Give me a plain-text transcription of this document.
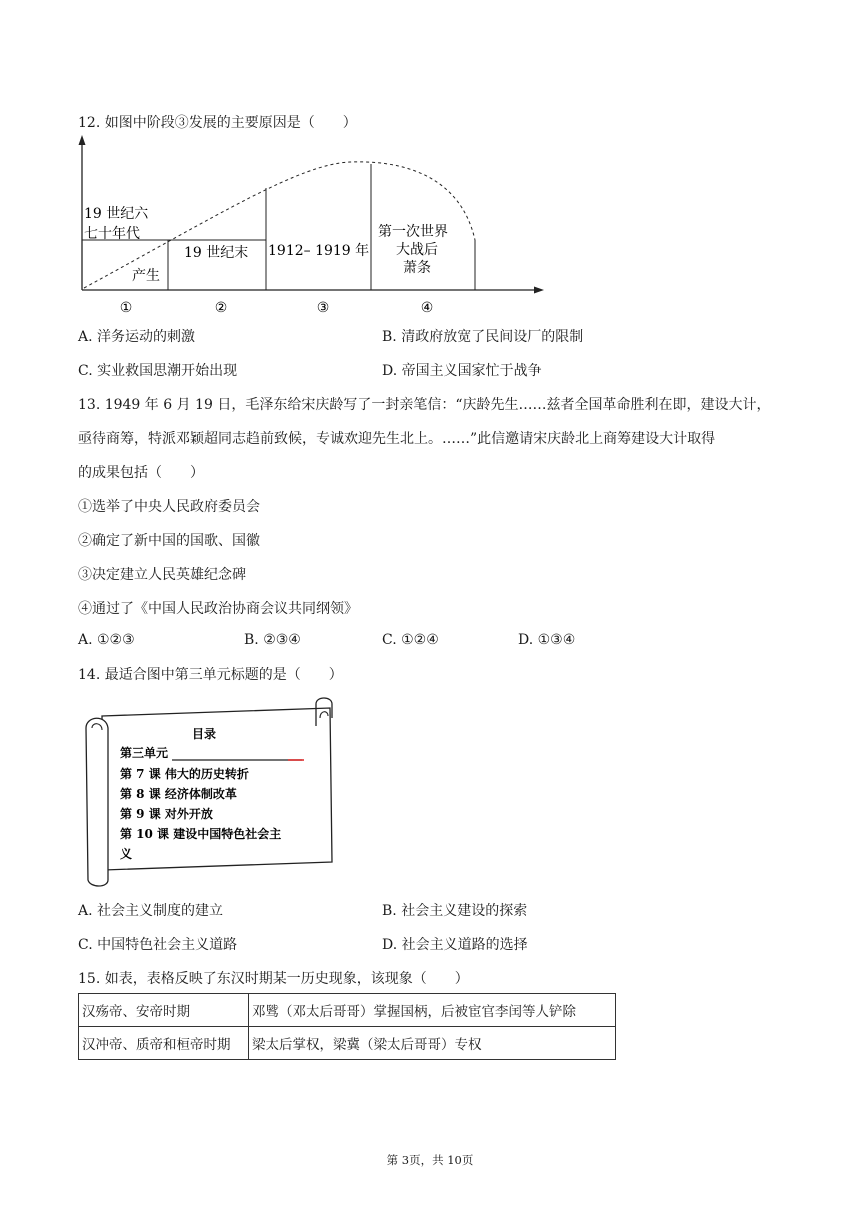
12. 如图中阶段③发展的主要原因是（　　）
19 世纪六
七十年代
产生
19 世纪末 1912– 1919 年
第一次世界
大战后
萧条
①	②	③	④
A. 洋务运动的刺激	B. 清政府放宽了民间设厂的限制
C. 实业救国思潮开始出现	D. 帝国主义国家忙于战争
13. 1949 年 6 月 19 日，毛泽东给宋庆龄写了一封亲笔信：“庆龄先生……兹者全国革命胜利在即，建设大计，
亟待商筹，特派邓颖超同志趋前致候，专诚欢迎先生北上。……”此信邀请宋庆龄北上商筹建设大计取得
的成果包括（　　）
①选举了中央人民政府委员会
②确定了新中国的国歌、国徽
③决定建立人民英雄纪念碑
④通过了《中国人民政治协商会议共同纲领》
A. ①②③	B. ②③④	C. ①②④	D. ①③④
14. 最适合图中第三单元标题的是（　　）
目录
第三单元
第 7 课 伟大的历史转折
第 8 课 经济体制改革
第 9 课 对外开放
第 10 课 建设中国特色社会主
义
A. 社会主义制度的建立	B. 社会主义建设的探索
C. 中国特色社会主义道路	D. 社会主义道路的选择
15. 如表，表格反映了东汉时期某一历史现象，该现象（　　）
汉殇帝、安帝时期	邓骘（邓太后哥哥）掌握国柄，后被宦官李闰等人铲除
汉冲帝、质帝和桓帝时期	梁太后掌权，梁冀（梁太后哥哥）专权
第 3页，共 10页
